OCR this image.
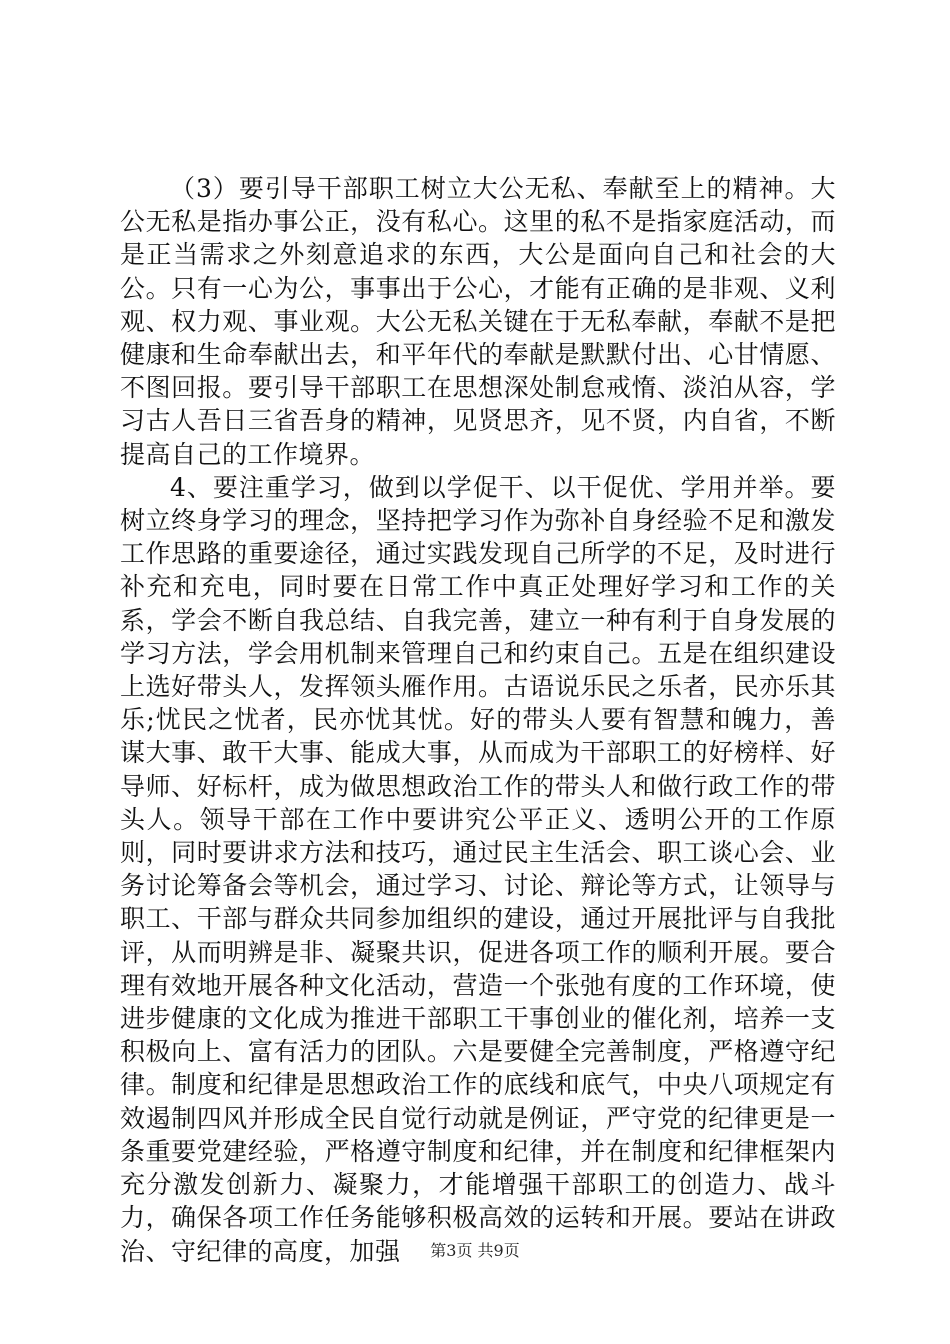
（3）要引导干部职工树立大公无私、奉献至上的精神。大公无私是指办事公正，没有私心。这里的私不是指家庭活动，而是正当需求之外刻意追求的东西，大公是面向自己和社会的大公。只有一心为公，事事出于公心，才能有正确的是非观、义利观、权力观、事业观。大公无私关键在于无私奉献，奉献不是把健康和生命奉献出去，和平年代的奉献是默默付出、心甘情愿、不图回报。要引导干部职工在思想深处制怠戒惰、淡泊从容，学习古人吾日三省吾身的精神，见贤思齐，见不贤，内自省，不断提高自己的工作境界。

4、要注重学习，做到以学促干、以干促优、学用并举。要树立终身学习的理念，坚持把学习作为弥补自身经验不足和激发工作思路的重要途径，通过实践发现自己所学的不足，及时进行补充和充电，同时要在日常工作中真正处理好学习和工作的关系，学会不断自我总结、自我完善，建立一种有利于自身发展的学习方法，学会用机制来管理自己和约束自己。五是在组织建设上选好带头人，发挥领头雁作用。古语说乐民之乐者，民亦乐其乐;忧民之忧者，民亦忧其忧。好的带头人要有智慧和魄力，善谋大事、敢干大事、能成大事，从而成为干部职工的好榜样、好导师、好标杆，成为做思想政治工作的带头人和做行政工作的带头人。领导干部在工作中要讲究公平正义、透明公开的工作原则，同时要讲求方法和技巧，通过民主生活会、职工谈心会、业务讨论筹备会等机会，通过学习、讨论、辩论等方式，让领导与职工、干部与群众共同参加组织的建设，通过开展批评与自我批评，从而明辨是非、凝聚共识，促进各项工作的顺利开展。要合理有效地开展各种文化活动，营造一个张弛有度的工作环境，使进步健康的文化成为推进干部职工干事创业的催化剂，培养一支积极向上、富有活力的团队。六是要健全完善制度，严格遵守纪律。制度和纪律是思想政治工作的底线和底气，中央八项规定有效遏制四风并形成全民自觉行动就是例证，严守党的纪律更是一条重要党建经验，严格遵守制度和纪律，并在制度和纪律框架内充分激发创新力、凝聚力，才能增强干部职工的创造力、战斗力，确保各项工作任务能够积极高效的运转和开展。要站在讲政治、守纪律的高度，加强	第3页 共9页
